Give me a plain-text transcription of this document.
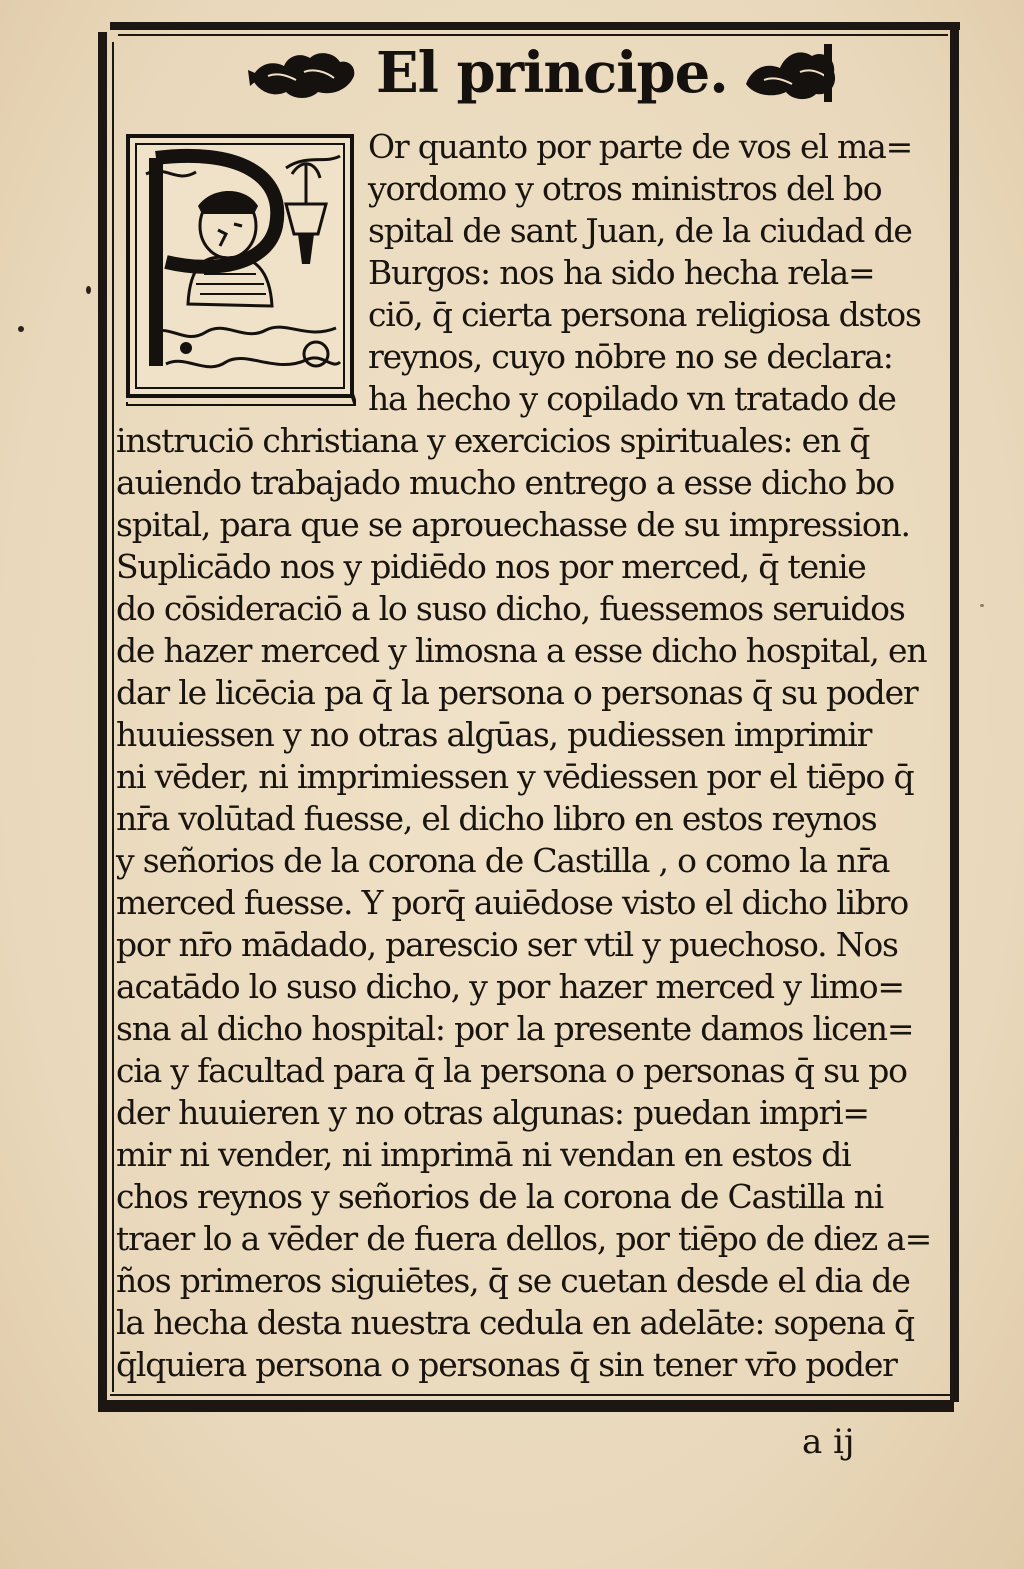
El principe.
Or quanto por parte de vos el ma=
yordomo y otros ministros del bo
spital de sant Juan, de la ciudad de
Burgos: nos ha sido hecha rela=
ciō, q̄ cierta persona religiosa dstos
reynos, cuyo nōbre no se declara:
ha hecho y copilado vn tratado de
instruciō christiana y exercicios spirituales: en q̄
auiendo trabajado mucho entrego a esse dicho bo
spital, para que se aprouechasse de su impression.
Suplicādo nos y pidiēdo nos por merced, q̄ tenie
do cōsideraciō a lo suso dicho, fuessemos seruidos
de hazer merced y limosna a esse dicho hospital, en
dar le licēcia pa q̄ la persona o personas q̄ su poder
huuiessen y no otras algūas, pudiessen imprimir
ni vēder, ni imprimiessen y vēdiessen por el tiēpo q̄
nr̄a volūtad fuesse, el dicho libro en estos reynos
y señorios de la corona de Castilla , o como la nr̄a
merced fuesse. Y porq̄ auiēdose visto el dicho libro
por nr̄o mādado, parescio ser vtil y puechoso. Nos
acatādo lo suso dicho, y por hazer merced y limo=
sna al dicho hospital: por la presente damos licen=
cia y facultad para q̄ la persona o personas q̄ su po
der huuieren y no otras algunas: puedan impri=
mir ni vender, ni imprimā ni vendan en estos di
chos reynos y señorios de la corona de Castilla ni
traer lo a vēder de fuera dellos, por tiēpo de diez a=
ños primeros siguiētes, q̄ se cuetan desde el dia de
la hecha desta nuestra cedula en adelāte: sopena q̄
q̄lquiera persona o personas q̄ sin tener vr̄o poder
a ij
